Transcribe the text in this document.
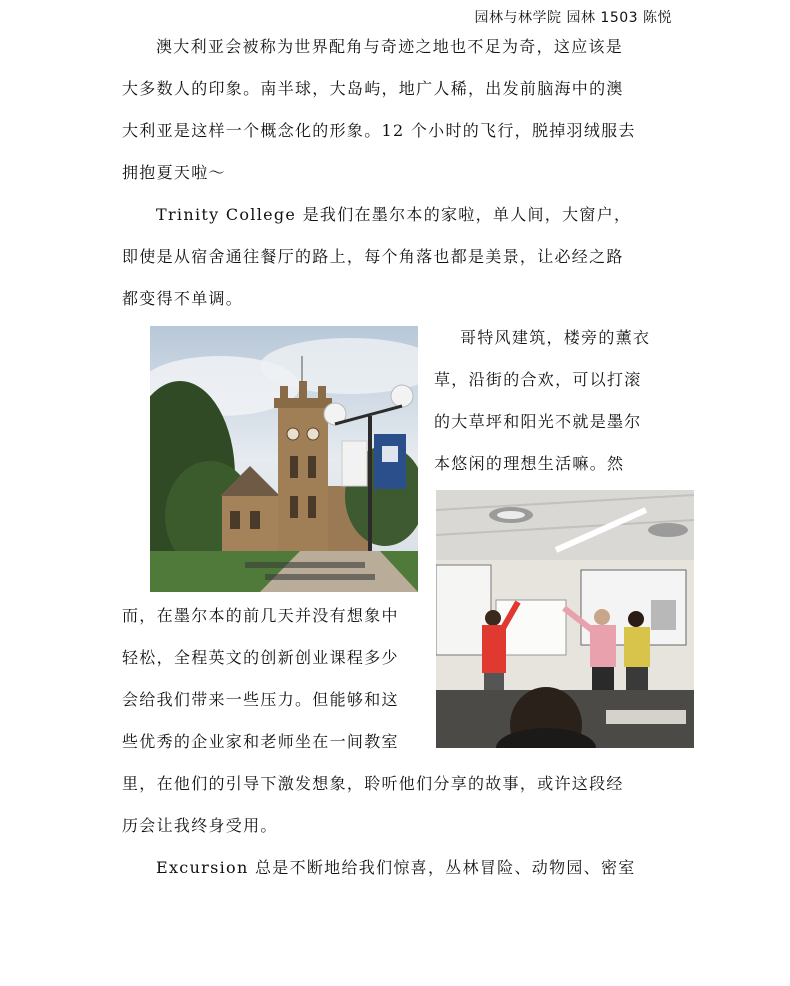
园林与林学院 园林 1503 陈悦
澳大利亚会被称为世界配角与奇迹之地也不足为奇，这应该是
大多数人的印象。南半球，大岛屿，地广人稀，出发前脑海中的澳
大利亚是这样一个概念化的形象。12 个小时的飞行，脱掉羽绒服去
拥抱夏天啦～
Trinity College 是我们在墨尔本的家啦，单人间，大窗户，
即使是从宿舍通往餐厅的路上，每个角落也都是美景，让必经之路
都变得不单调。
哥特风建筑，楼旁的薰衣
草，沿街的合欢，可以打滚
的大草坪和阳光不就是墨尔
本悠闲的理想生活嘛。然
而，在墨尔本的前几天并没有想象中
轻松，全程英文的创新创业课程多少
会给我们带来一些压力。但能够和这
些优秀的企业家和老师坐在一间教室
里，在他们的引导下激发想象，聆听他们分享的故事，或许这段经
历会让我终身受用。
Excursion 总是不断地给我们惊喜，丛林冒险、动物园、密室
